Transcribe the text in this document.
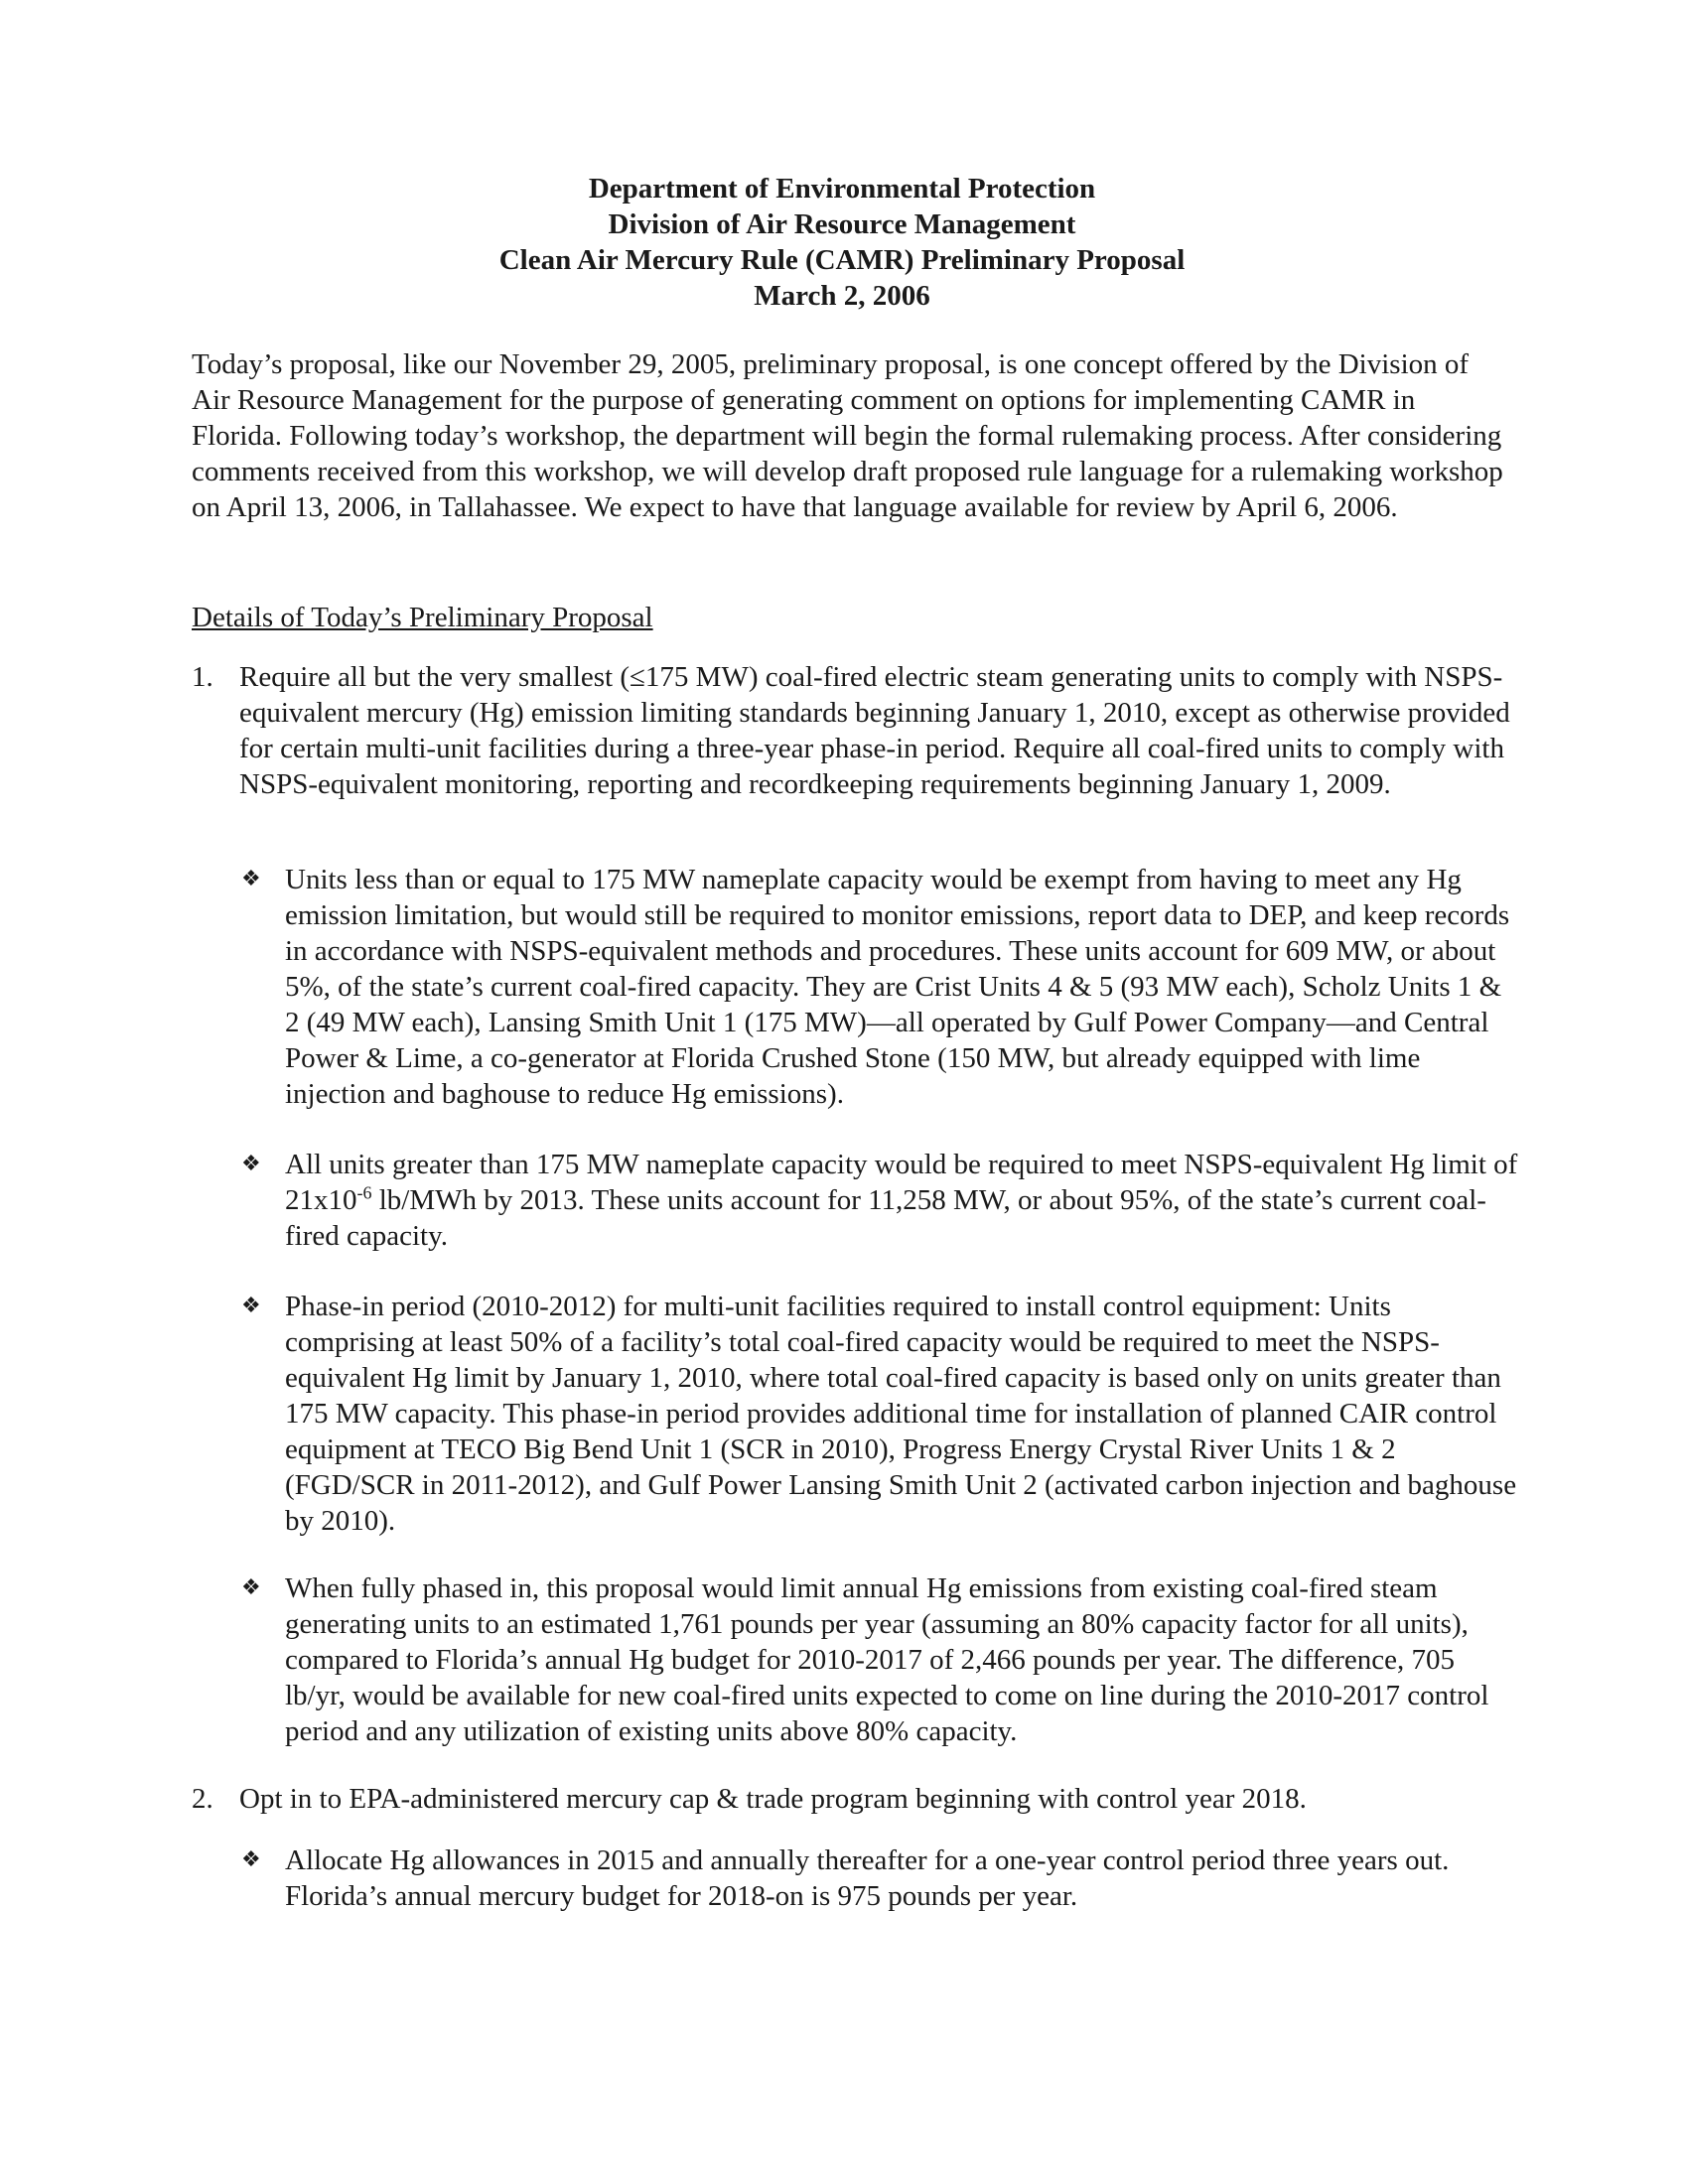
Department of Environmental Protection
Division of Air Resource Management
Clean Air Mercury Rule (CAMR) Preliminary Proposal
March 2, 2006

Today’s proposal, like our November 29, 2005, preliminary proposal, is one concept offered by the Division of Air Resource Management for the purpose of generating comment on options for implementing CAMR in Florida. Following today’s workshop, the department will begin the formal rulemaking process. After considering comments received from this workshop, we will develop draft proposed rule language for a rulemaking workshop on April 13, 2006, in Tallahassee. We expect to have that language available for review by April 6, 2006.

Details of Today’s Preliminary Proposal

1. Require all but the very smallest (≤175 MW) coal-fired electric steam generating units to comply with NSPS-equivalent mercury (Hg) emission limiting standards beginning January 1, 2010, except as otherwise provided for certain multi-unit facilities during a three-year phase-in period. Require all coal-fired units to comply with NSPS-equivalent monitoring, reporting and recordkeeping requirements beginning January 1, 2009.

❖ Units less than or equal to 175 MW nameplate capacity would be exempt from having to meet any Hg emission limitation, but would still be required to monitor emissions, report data to DEP, and keep records in accordance with NSPS-equivalent methods and procedures. These units account for 609 MW, or about 5%, of the state’s current coal-fired capacity. They are Crist Units 4 & 5 (93 MW each), Scholz Units 1 & 2 (49 MW each), Lansing Smith Unit 1 (175 MW)—all operated by Gulf Power Company—and Central Power & Lime, a co-generator at Florida Crushed Stone (150 MW, but already equipped with lime injection and baghouse to reduce Hg emissions).

❖ All units greater than 175 MW nameplate capacity would be required to meet NSPS-equivalent Hg limit of $21x10^{-6}$ lb/MWh by 2013. These units account for 11,258 MW, or about 95%, of the state’s current coal-fired capacity.

❖ Phase-in period (2010-2012) for multi-unit facilities required to install control equipment: Units comprising at least 50% of a facility’s total coal-fired capacity would be required to meet the NSPS-equivalent Hg limit by January 1, 2010, where total coal-fired capacity is based only on units greater than 175 MW capacity. This phase-in period provides additional time for installation of planned CAIR control equipment at TECO Big Bend Unit 1 (SCR in 2010), Progress Energy Crystal River Units 1 & 2 (FGD/SCR in 2011-2012), and Gulf Power Lansing Smith Unit 2 (activated carbon injection and baghouse by 2010).

❖ When fully phased in, this proposal would limit annual Hg emissions from existing coal-fired steam generating units to an estimated 1,761 pounds per year (assuming an 80% capacity factor for all units), compared to Florida’s annual Hg budget for 2010-2017 of 2,466 pounds per year. The difference, 705 lb/yr, would be available for new coal-fired units expected to come on line during the 2010-2017 control period and any utilization of existing units above 80% capacity.

2. Opt in to EPA-administered mercury cap & trade program beginning with control year 2018.

❖ Allocate Hg allowances in 2015 and annually thereafter for a one-year control period three years out. Florida’s annual mercury budget for 2018-on is 975 pounds per year.
